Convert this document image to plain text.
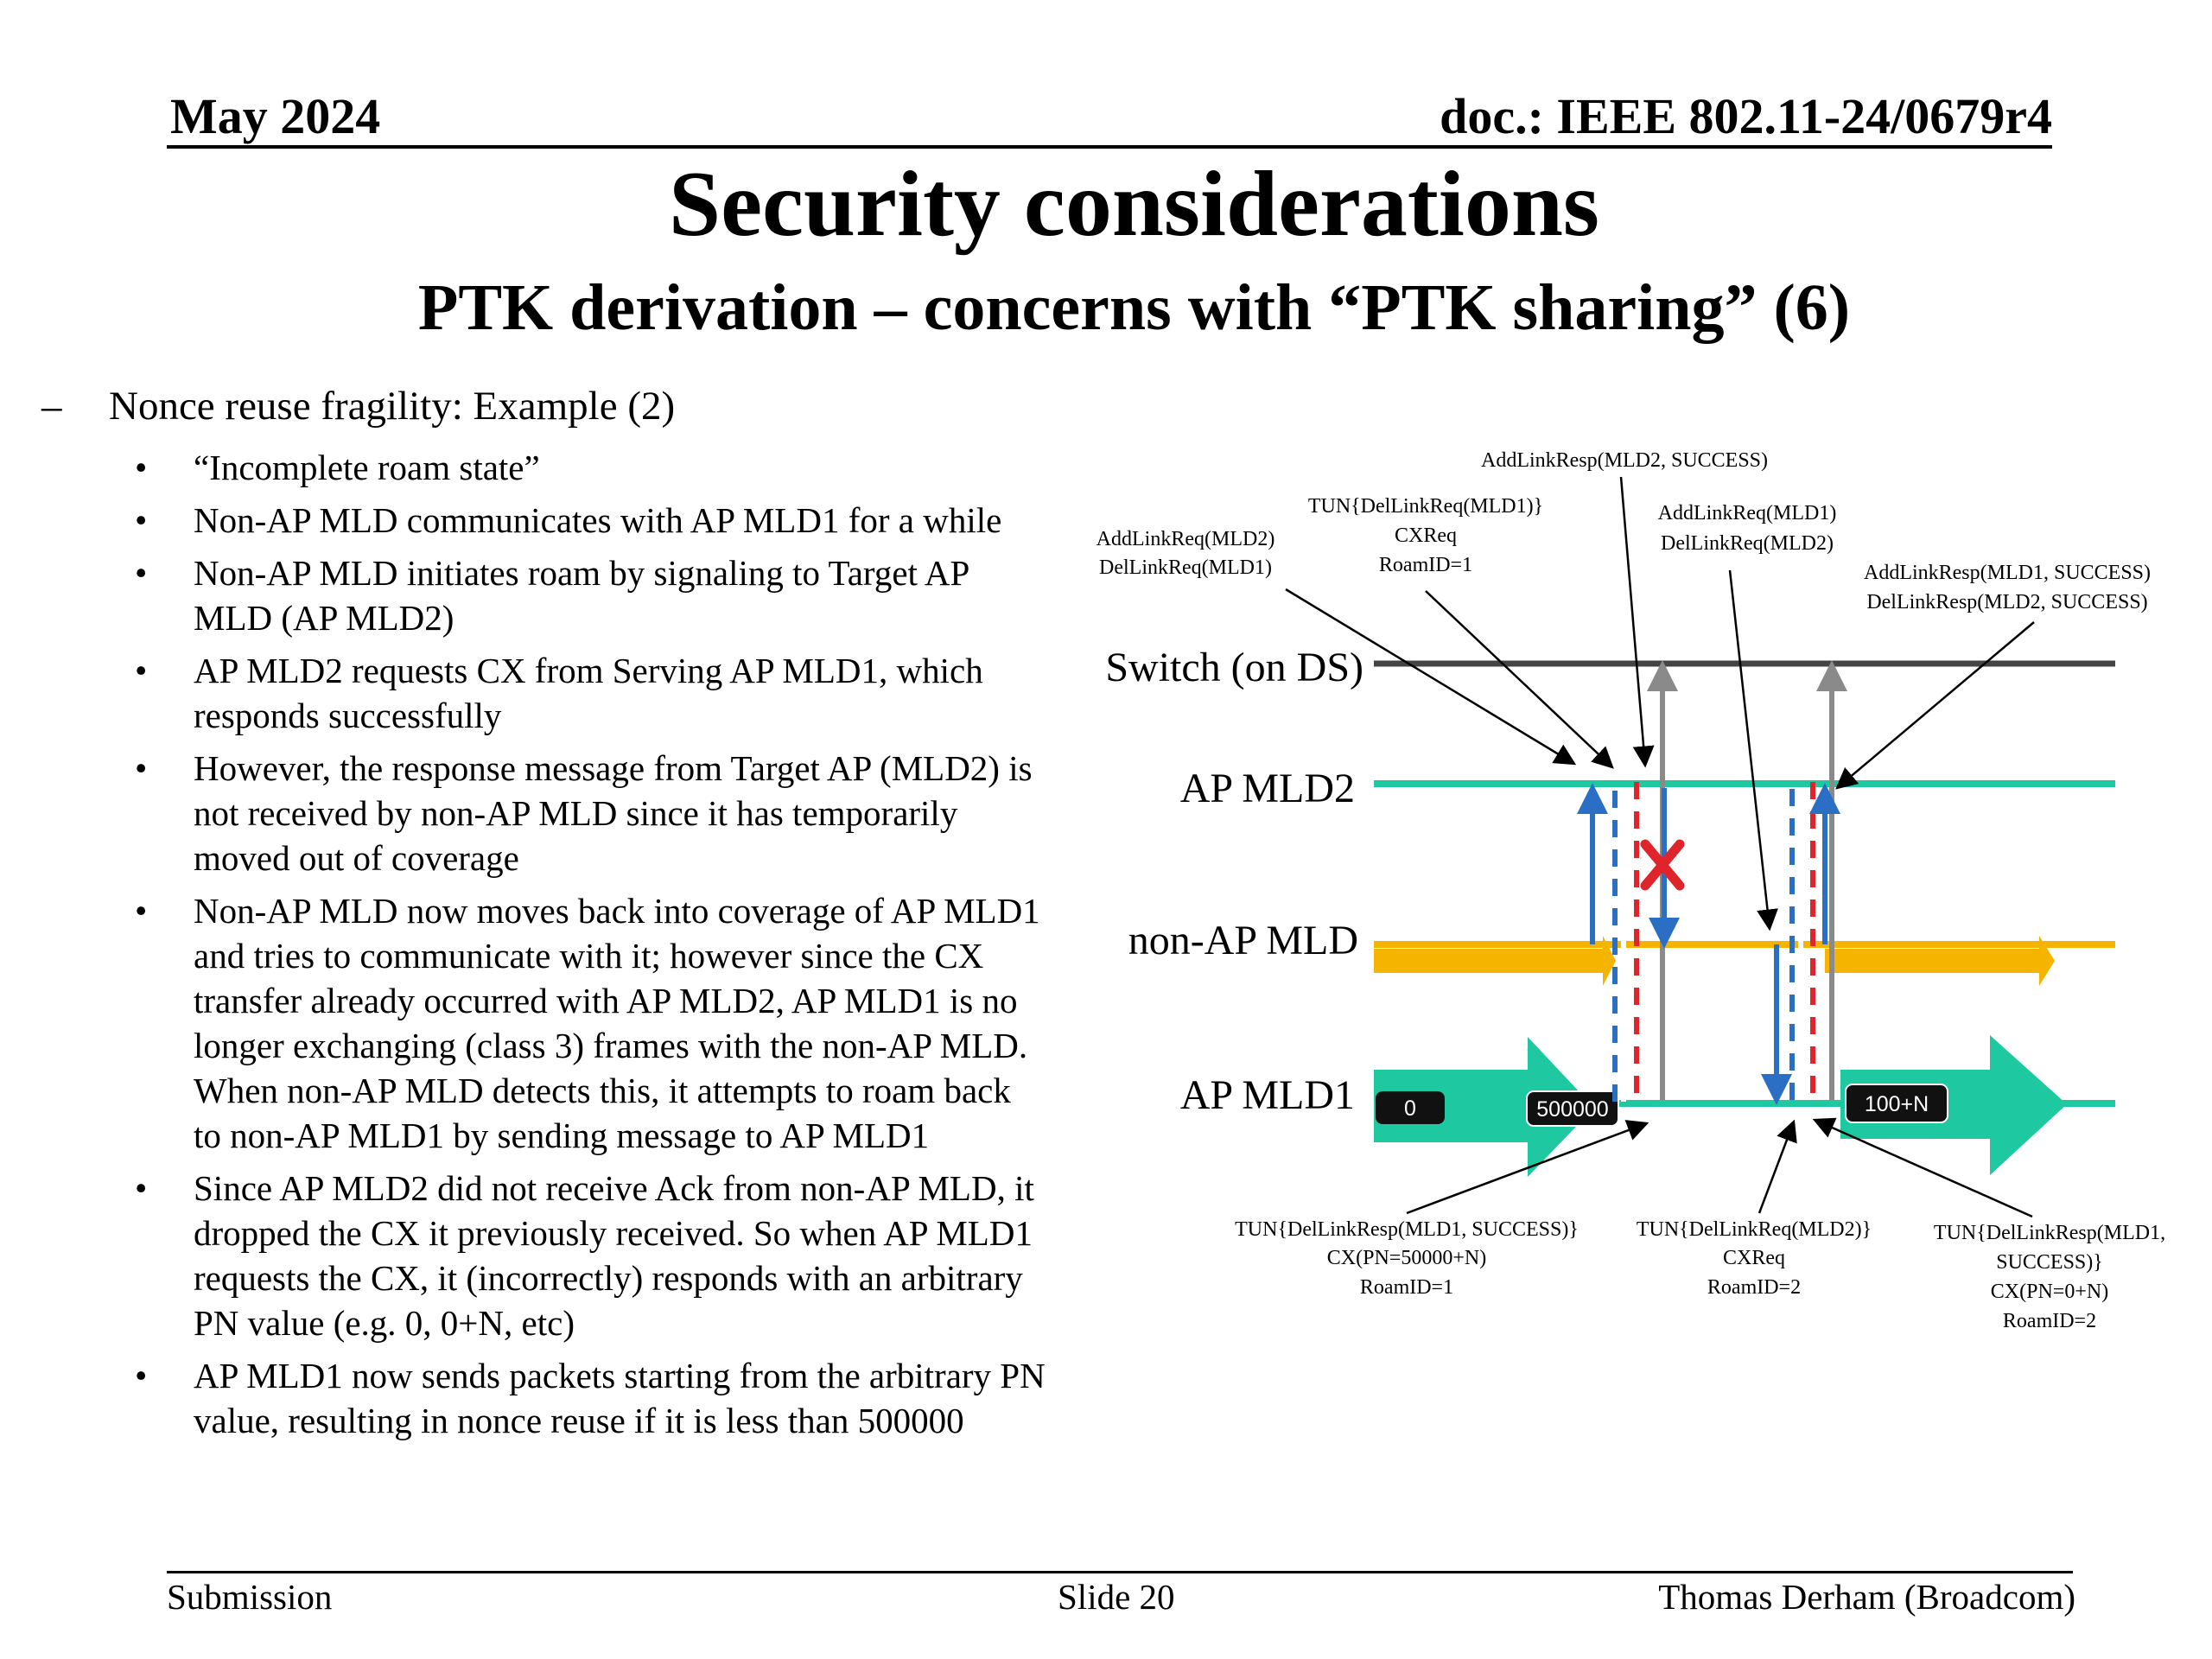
May 2024	doc.: IEEE 802.11-24/0679r4
Security considerations
PTK derivation – concerns with “PTK sharing” (6)
– Nonce reuse fragility: Example (2)
• “Incomplete roam state”
• Non-AP MLD communicates with AP MLD1 for a while
• Non-AP MLD initiates roam by signaling to Target AP MLD (AP MLD2)
• AP MLD2 requests CX from Serving AP MLD1, which responds successfully
• However, the response message from Target AP (MLD2) is not received by non-AP MLD since it has temporarily moved out of coverage
• Non-AP MLD now moves back into coverage of AP MLD1 and tries to communicate with it; however since the CX transfer already occurred with AP MLD2, AP MLD1 is no longer exchanging (class 3) frames with the non-AP MLD. When non-AP MLD detects this, it attempts to roam back to non-AP MLD1 by sending message to AP MLD1
• Since AP MLD2 did not receive Ack from non-AP MLD, it dropped the CX it previously received. So when AP MLD1 requests the CX, it (incorrectly) responds with an arbitrary PN value (e.g. 0, 0+N, etc)
• AP MLD1 now sends packets starting from the arbitrary PN value, resulting in nonce reuse if it is less than 500000
0	500000	100+N
Switch (on DS)
AP MLD2
non-AP MLD
AP MLD1
AddLinkReq(MLD2)
DelLinkReq(MLD1)
TUN{DelLinkReq(MLD1)}
CXReq
RoamID=1
AddLinkResp(MLD2, SUCCESS)
AddLinkReq(MLD1)
DelLinkReq(MLD2)
AddLinkResp(MLD1, SUCCESS)
DelLinkResp(MLD2, SUCCESS)
TUN{DelLinkResp(MLD1, SUCCESS)}
CX(PN=50000+N)
RoamID=1
TUN{DelLinkReq(MLD2)}
CXReq
RoamID=2
TUN{DelLinkResp(MLD1,
SUCCESS)}
CX(PN=0+N)
RoamID=2
Submission	Slide 20	Thomas Derham (Broadcom)
